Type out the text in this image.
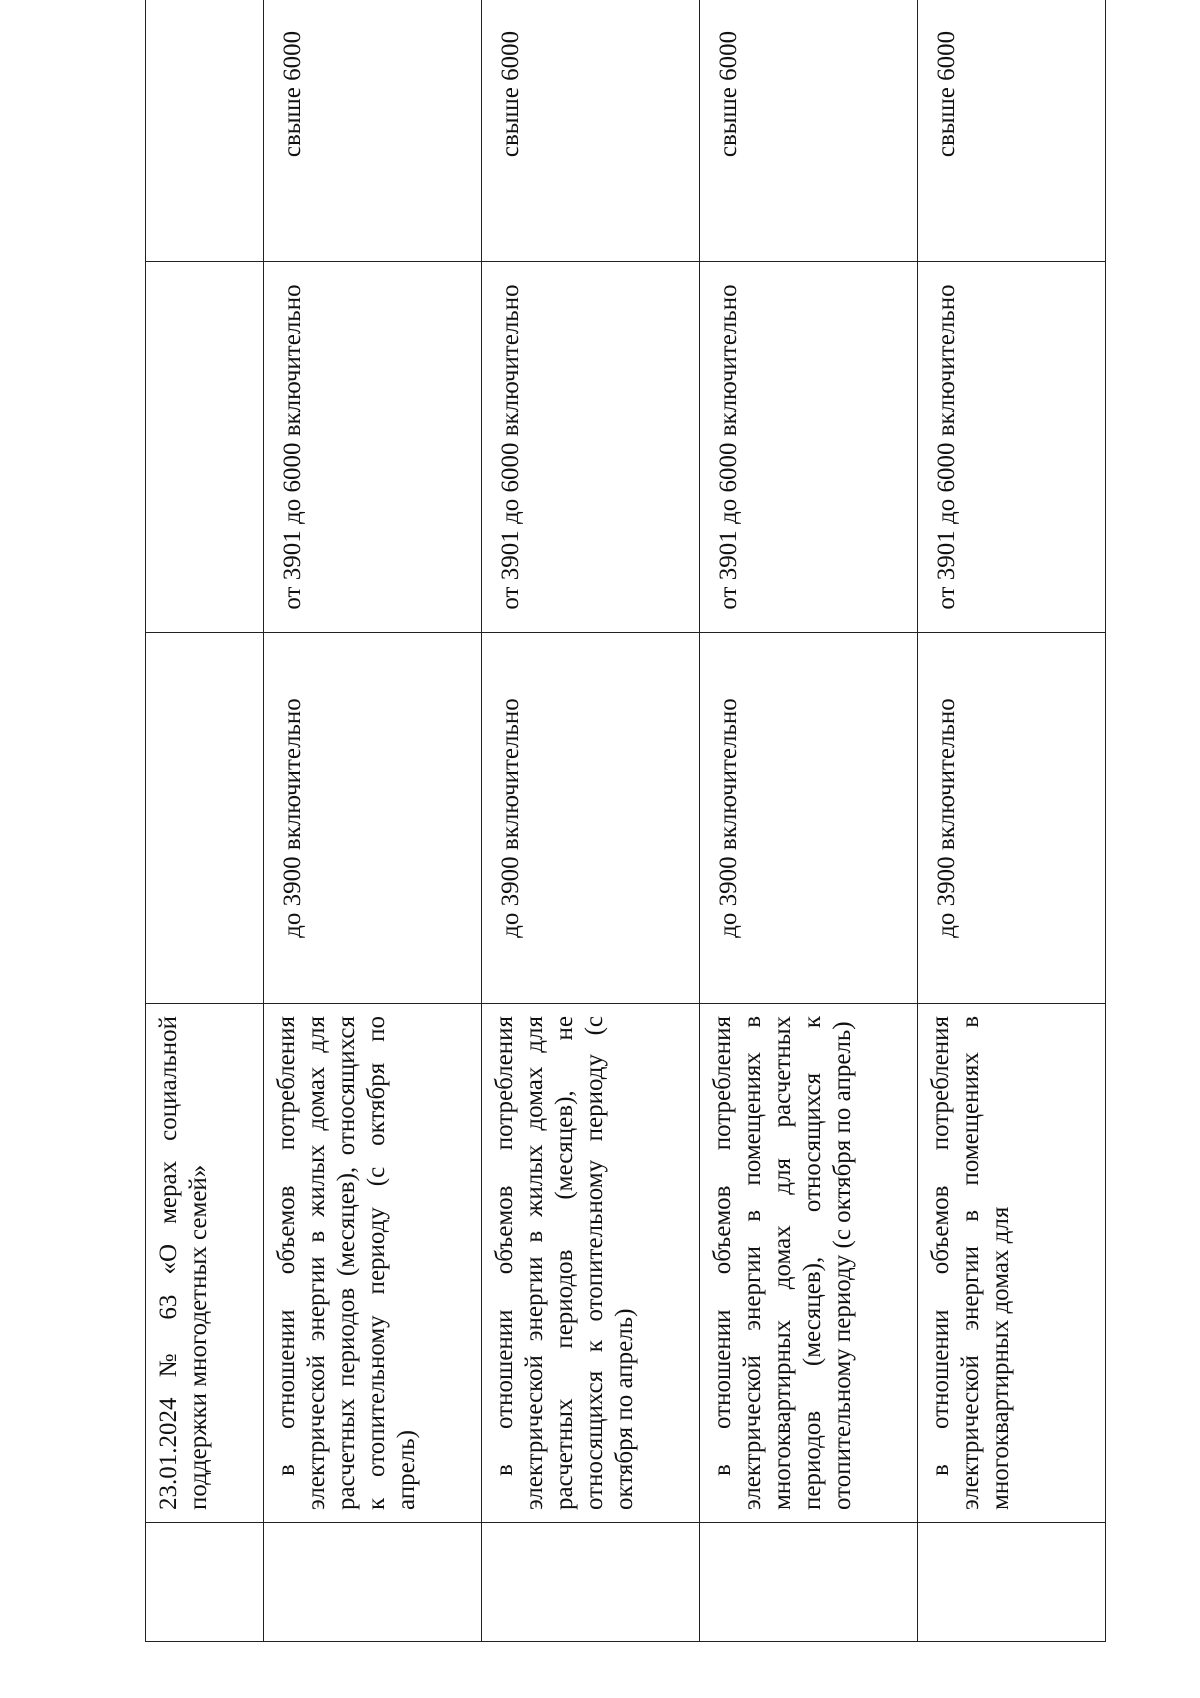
	23.01.2024 № 63 «О мерах социальной поддержки многодетных семей»			
	в отношении объемов потребления электрической энергии в жилых домах для расчетных периодов (месяцев), относящихся к отопительному периоду (с октября по апрель)	до 3900 включительно	от 3901 до 6000 включительно	свыше 6000
	в отношении объемов потребления электрической энергии в жилых домах для расчетных периодов (месяцев), не относящихся к отопительному периоду (с октября по апрель)	до 3900 включительно	от 3901 до 6000 включительно	свыше 6000
	в отношении объемов потребления электрической энергии в помещениях в многоквартирных домах для расчетных периодов (месяцев), относящихся к отопительному периоду (с октября по апрель)	до 3900 включительно	от 3901 до 6000 включительно	свыше 6000
	в отношении объемов потребления электрической энергии в помещениях в многоквартирных домах для	до 3900 включительно	от 3901 до 6000 включительно	свыше 6000
